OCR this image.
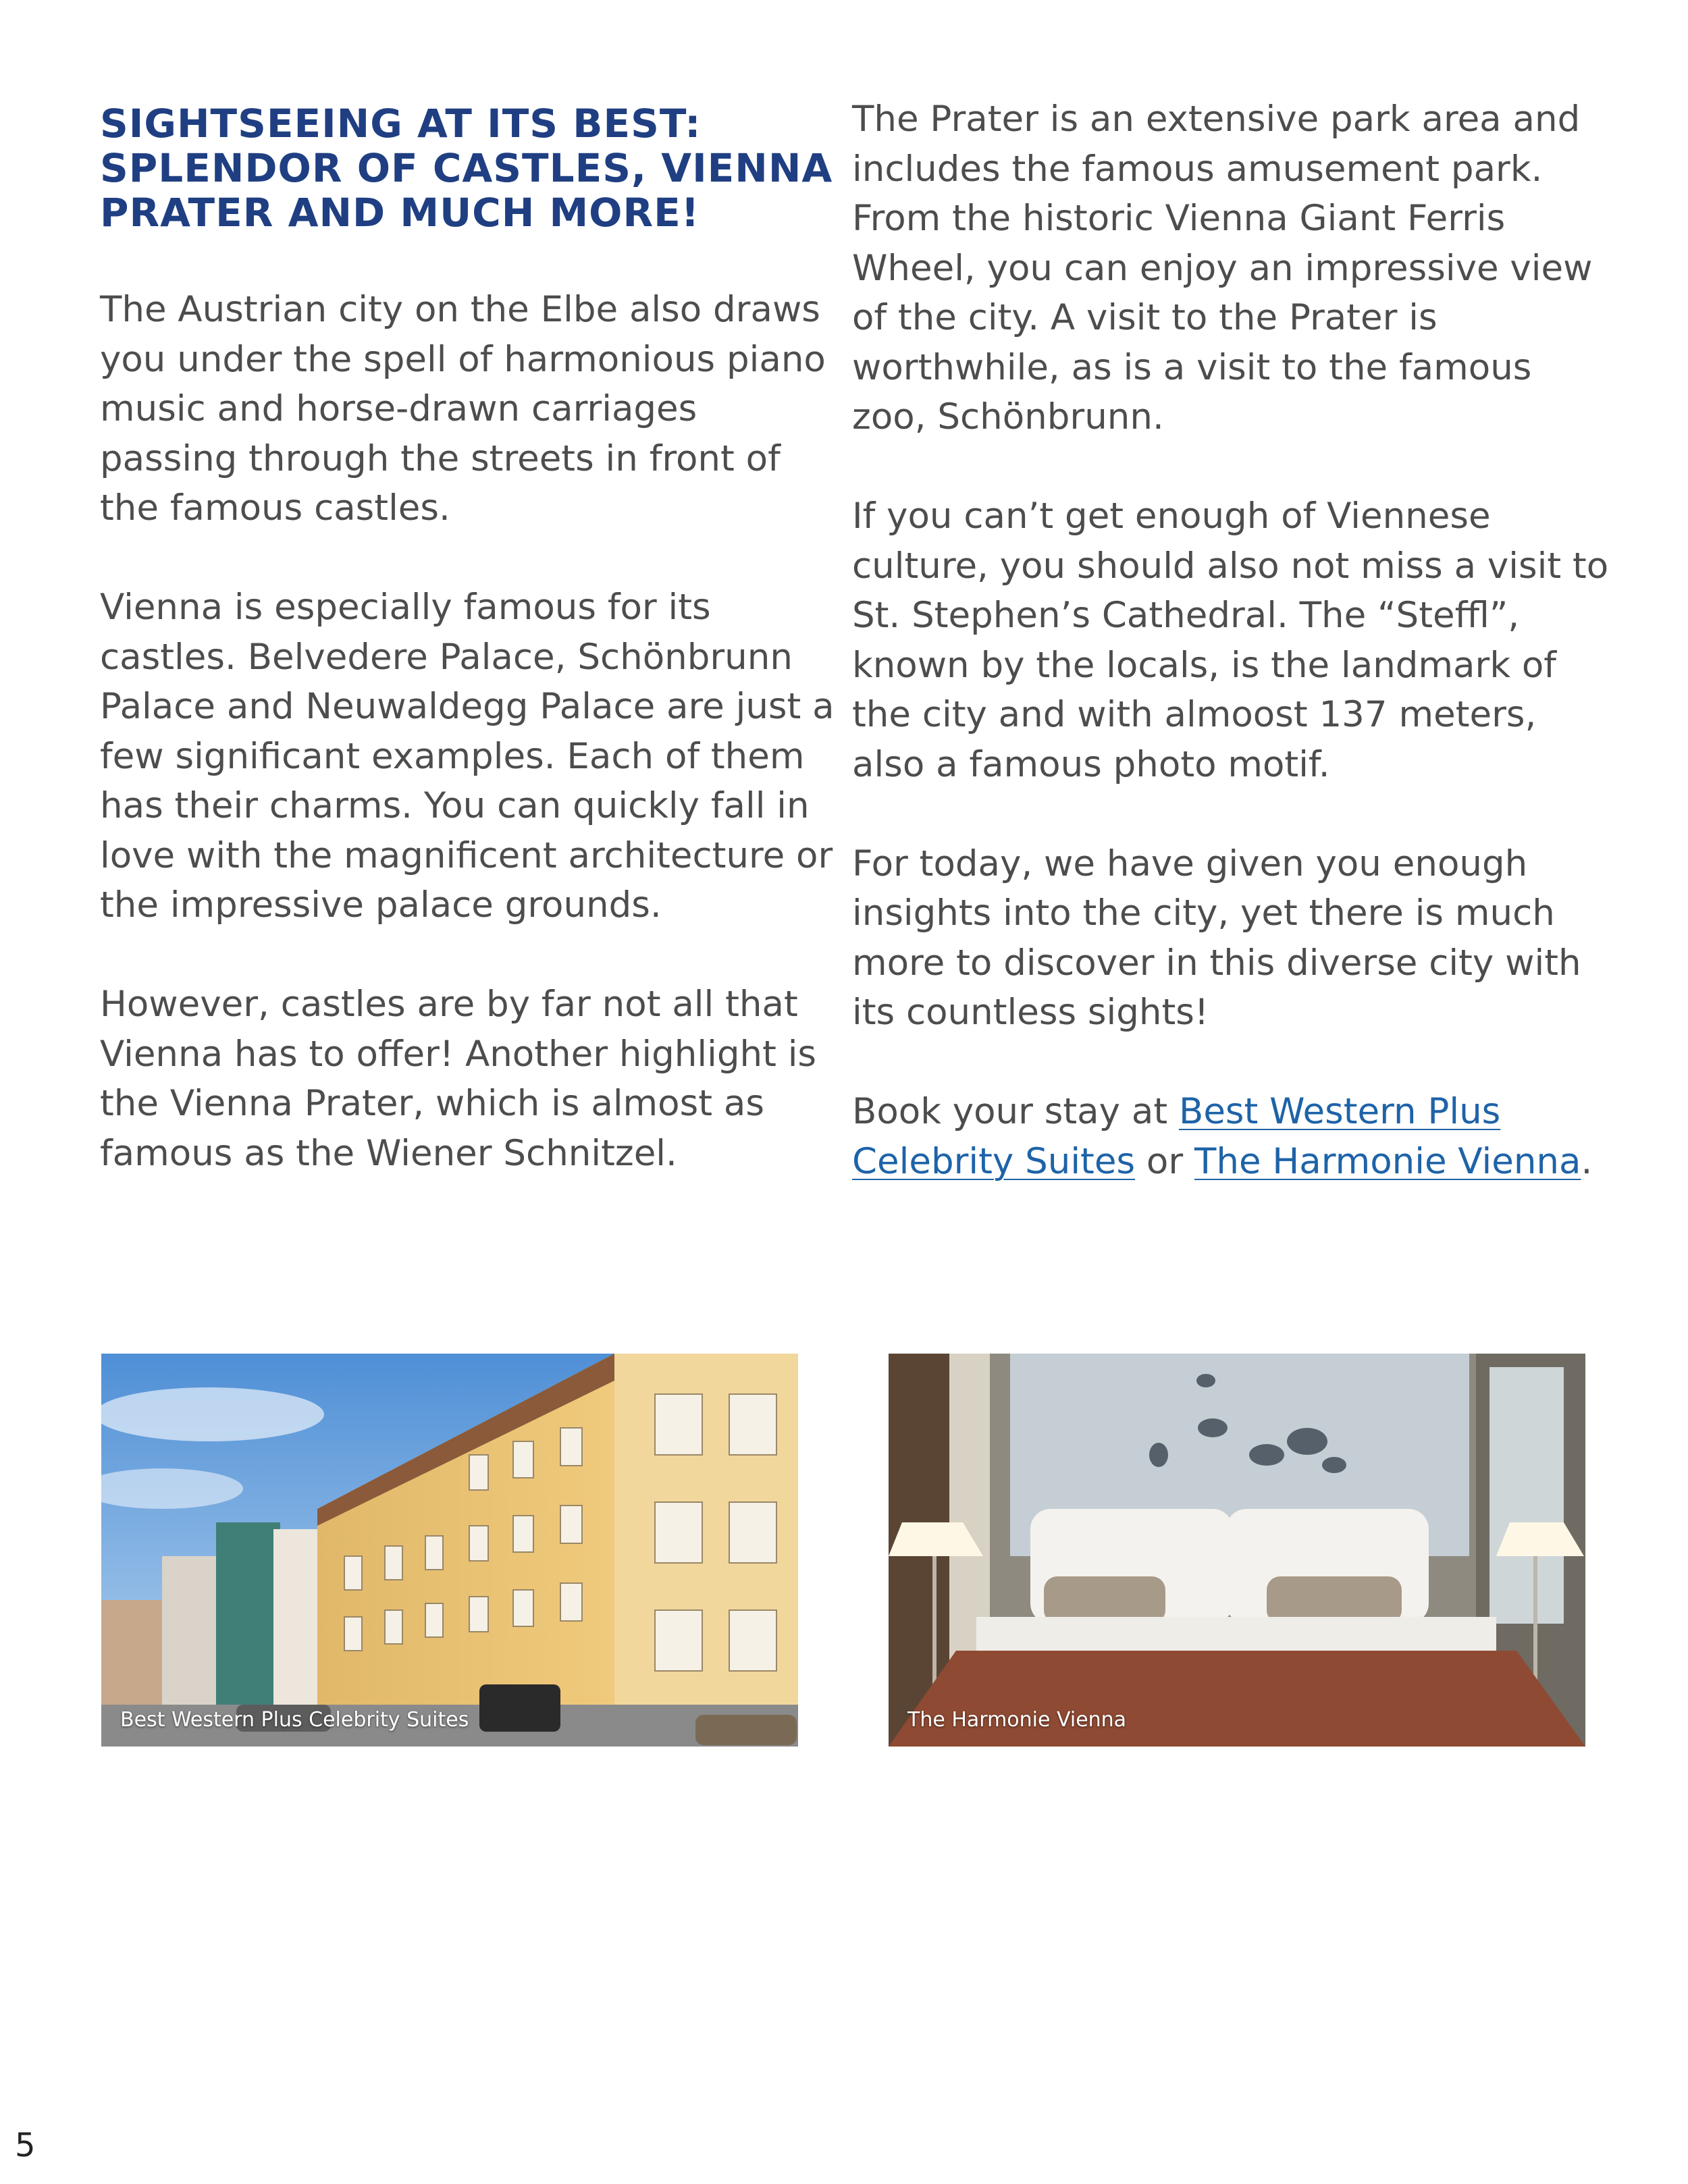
SIGHTSEEING AT ITS BEST: SPLENDOR OF CASTLES, VIENNA PRATER AND MUCH MORE!

The Austrian city on the Elbe also draws you under the spell of harmonious piano music and horse-drawn carriages passing through the streets in front of the famous castles.

Vienna is especially famous for its castles. Belvedere Palace, Schönbrunn Palace and Neuwaldegg Palace are just a few significant examples. Each of them has their charms. You can quickly fall in love with the magnificent architecture or the impressive palace grounds.

However, castles are by far not all that Vienna has to offer! Another highlight is the Vienna Prater, which is almost as famous as the Wiener Schnitzel.

The Prater is an extensive park area and includes the famous amusement park. From the historic Vienna Giant Ferris Wheel, you can enjoy an impressive view of the city. A visit to the Prater is worthwhile, as is a visit to the famous zoo, Schönbrunn.

If you can’t get enough of Viennese culture, you should also not miss a visit to St. Stephen’s Cathedral. The “Steffl”, known by the locals, is the landmark of the city and with almoost 137 meters, also a famous photo motif.

For today, we have given you enough insights into the city, yet there is much more to discover in this diverse city with its countless sights!

Book your stay at Best Western Plus Celebrity Suites or The Harmonie Vienna.

Best Western Plus Celebrity Suites	The Harmonie Vienna
5
